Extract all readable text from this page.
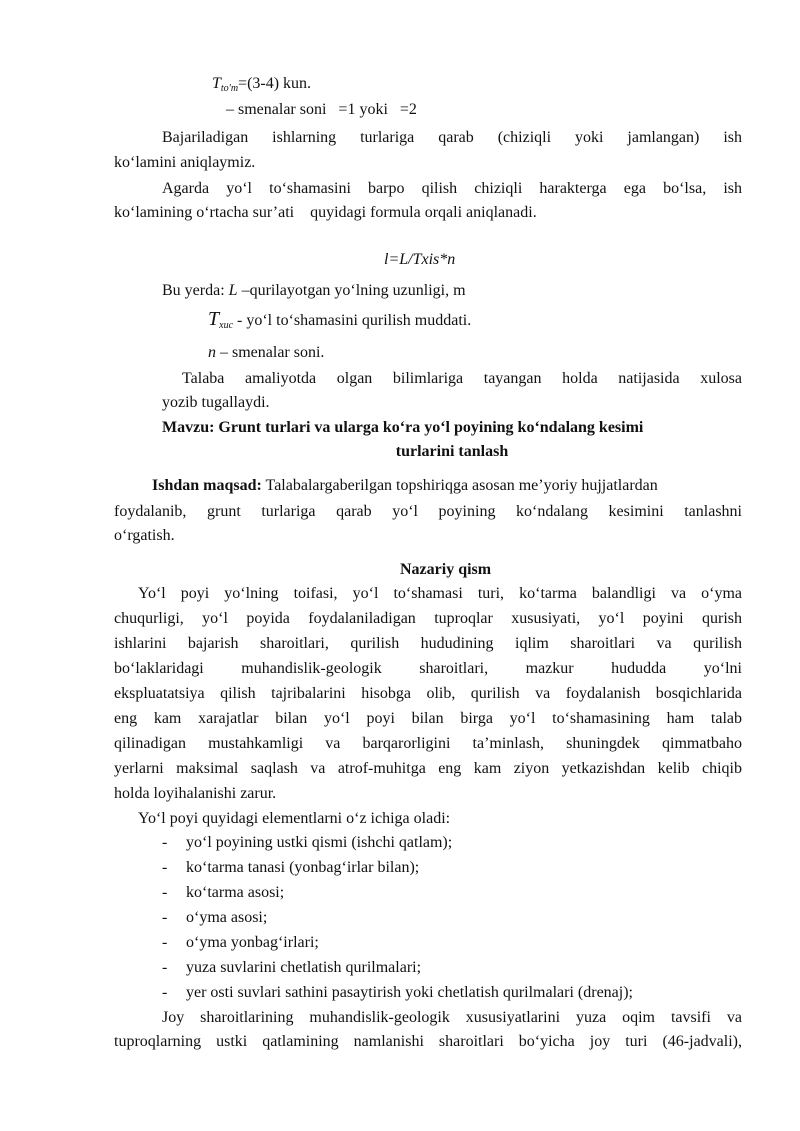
Tto'm=(3-4) kun.
– smenalar soni   =1 yoki   =2
Bajariladigan ishlarning turlariga qarab (chiziqli yoki jamlangan) ish
ko‘lamini aniqlaymiz.
Agarda yo‘l to‘shamasini barpo qilish chiziqli harakterga ega bo‘lsa, ish
ko‘lamining o‘rtacha sur’ati    quyidagi formula orqali aniqlanadi.
l=L/Txis*n
Bu yerda: L –qurilayotgan yo‘lning uzunligi, m
Tхис - yo‘l to‘shamasini qurilish muddati.
n – smenalar soni.
Talaba amaliyotda olgan bilimlariga tayangan holda natijasida xulosa
yozib tugallaydi.
Mavzu: Grunt turlari va ularga ko‘ra yo‘l poyining ko‘ndalang kesimi
turlarini tanlash
Ishdan maqsad: Talabalargaberilgan topshiriqga asosan me’yoriy hujjatlardan
foydalanib, grunt turlariga qarab yo‘l poyining ko‘ndalang kesimini tanlashni
o‘rgatish.
Nazariy qism
Yo‘l poyi yo‘lning toifasi, yo‘l to‘shamasi turi, ko‘tarma balandligi va o‘yma
chuqurligi, yo‘l poyida foydalaniladigan tuproqlar xususiyati, yo‘l poyini qurish
ishlarini bajarish sharoitlari, qurilish hududining iqlim sharoitlari va qurilish
bo‘laklaridagi muhandislik-geologik sharoitlari, mazkur hududda yo‘lni
ekspluatatsiya qilish tajribalarini hisobga olib, qurilish va foydalanish bosqichlarida
eng kam xarajatlar bilan yo‘l poyi bilan birga yo‘l to‘shamasining ham talab
qilinadigan mustahkamligi va barqarorligini ta’minlash, shuningdek qimmatbaho
yerlarni maksimal saqlash va atrof-muhitga eng kam ziyon yetkazishdan kelib chiqib
holda loyihalanishi zarur.
Yo‘l poyi quyidagi elementlarni o‘z ichiga oladi:
- yo‘l poyining ustki qismi (ishchi qatlam);
- ko‘tarma tanasi (yonbag‘irlar bilan);
- ko‘tarma asosi;
- o‘yma asosi;
- o‘yma yonbag‘irlari;
- yuza suvlarini chetlatish qurilmalari;
- yer osti suvlari sathini pasaytirish yoki chetlatish qurilmalari (drenaj);
Joy sharoitlarining muhandislik-geologik xususiyatlarini yuza oqim tavsifi va
tuproqlarning ustki qatlamining namlanishi sharoitlari bo‘yicha joy turi (46-jadvali),
